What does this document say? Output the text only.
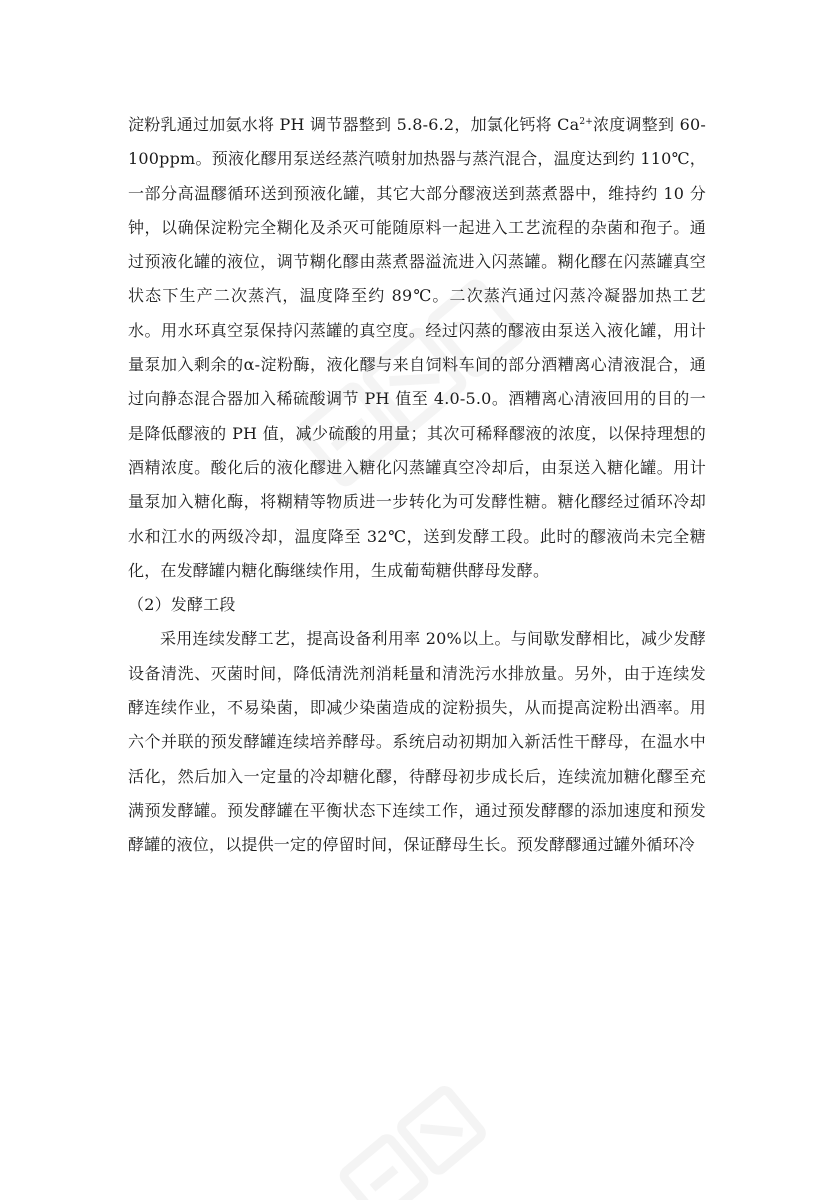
淀粉乳通过加氨水将 PH 调节器整到 5.8-6.2，加氯化钙将 $Ca^{2+}$浓度调整到 60-100ppm。预液化醪用泵送经蒸汽喷射加热器与蒸汽混合，温度达到约 110℃，一部分高温醪循环送到预液化罐，其它大部分醪液送到蒸煮器中，维持约 10 分钟，以确保淀粉完全糊化及杀灭可能随原料一起进入工艺流程的杂菌和孢子。通过预液化罐的液位，调节糊化醪由蒸煮器溢流进入闪蒸罐。糊化醪在闪蒸罐真空状态下生产二次蒸汽，温度降至约 89℃。二次蒸汽通过闪蒸冷凝器加热工艺水。用水环真空泵保持闪蒸罐的真空度。经过闪蒸的醪液由泵送入液化罐，用计量泵加入剩余的α-淀粉酶，液化醪与来自饲料车间的部分酒糟离心清液混合，通过向静态混合器加入稀硫酸调节 PH 值至 4.0-5.0。酒糟离心清液回用的目的一是降低醪液的 PH 值，减少硫酸的用量；其次可稀释醪液的浓度，以保持理想的酒精浓度。酸化后的液化醪进入糖化闪蒸罐真空冷却后，由泵送入糖化罐。用计量泵加入糖化酶，将糊精等物质进一步转化为可发酵性糖。糖化醪经过循环冷却水和江水的两级冷却，温度降至 32℃，送到发酵工段。此时的醪液尚未完全糖化，在发酵罐内糖化酶继续作用，生成葡萄糖供酵母发酵。

（2）发酵工段

采用连续发酵工艺，提高设备利用率 20%以上。与间歇发酵相比，减少发酵设备清洗、灭菌时间，降低清洗剂消耗量和清洗污水排放量。另外，由于连续发酵连续作业，不易染菌，即减少染菌造成的淀粉损失，从而提高淀粉出酒率。用六个并联的预发酵罐连续培养酵母。系统启动初期加入新活性干酵母，在温水中活化，然后加入一定量的冷却糖化醪，待酵母初步成长后，连续流加糖化醪至充满预发酵罐。预发酵罐在平衡状态下连续工作，通过预发酵醪的添加速度和预发酵罐的液位，以提供一定的停留时间，保证酵母生长。预发酵醪通过罐外循环冷
